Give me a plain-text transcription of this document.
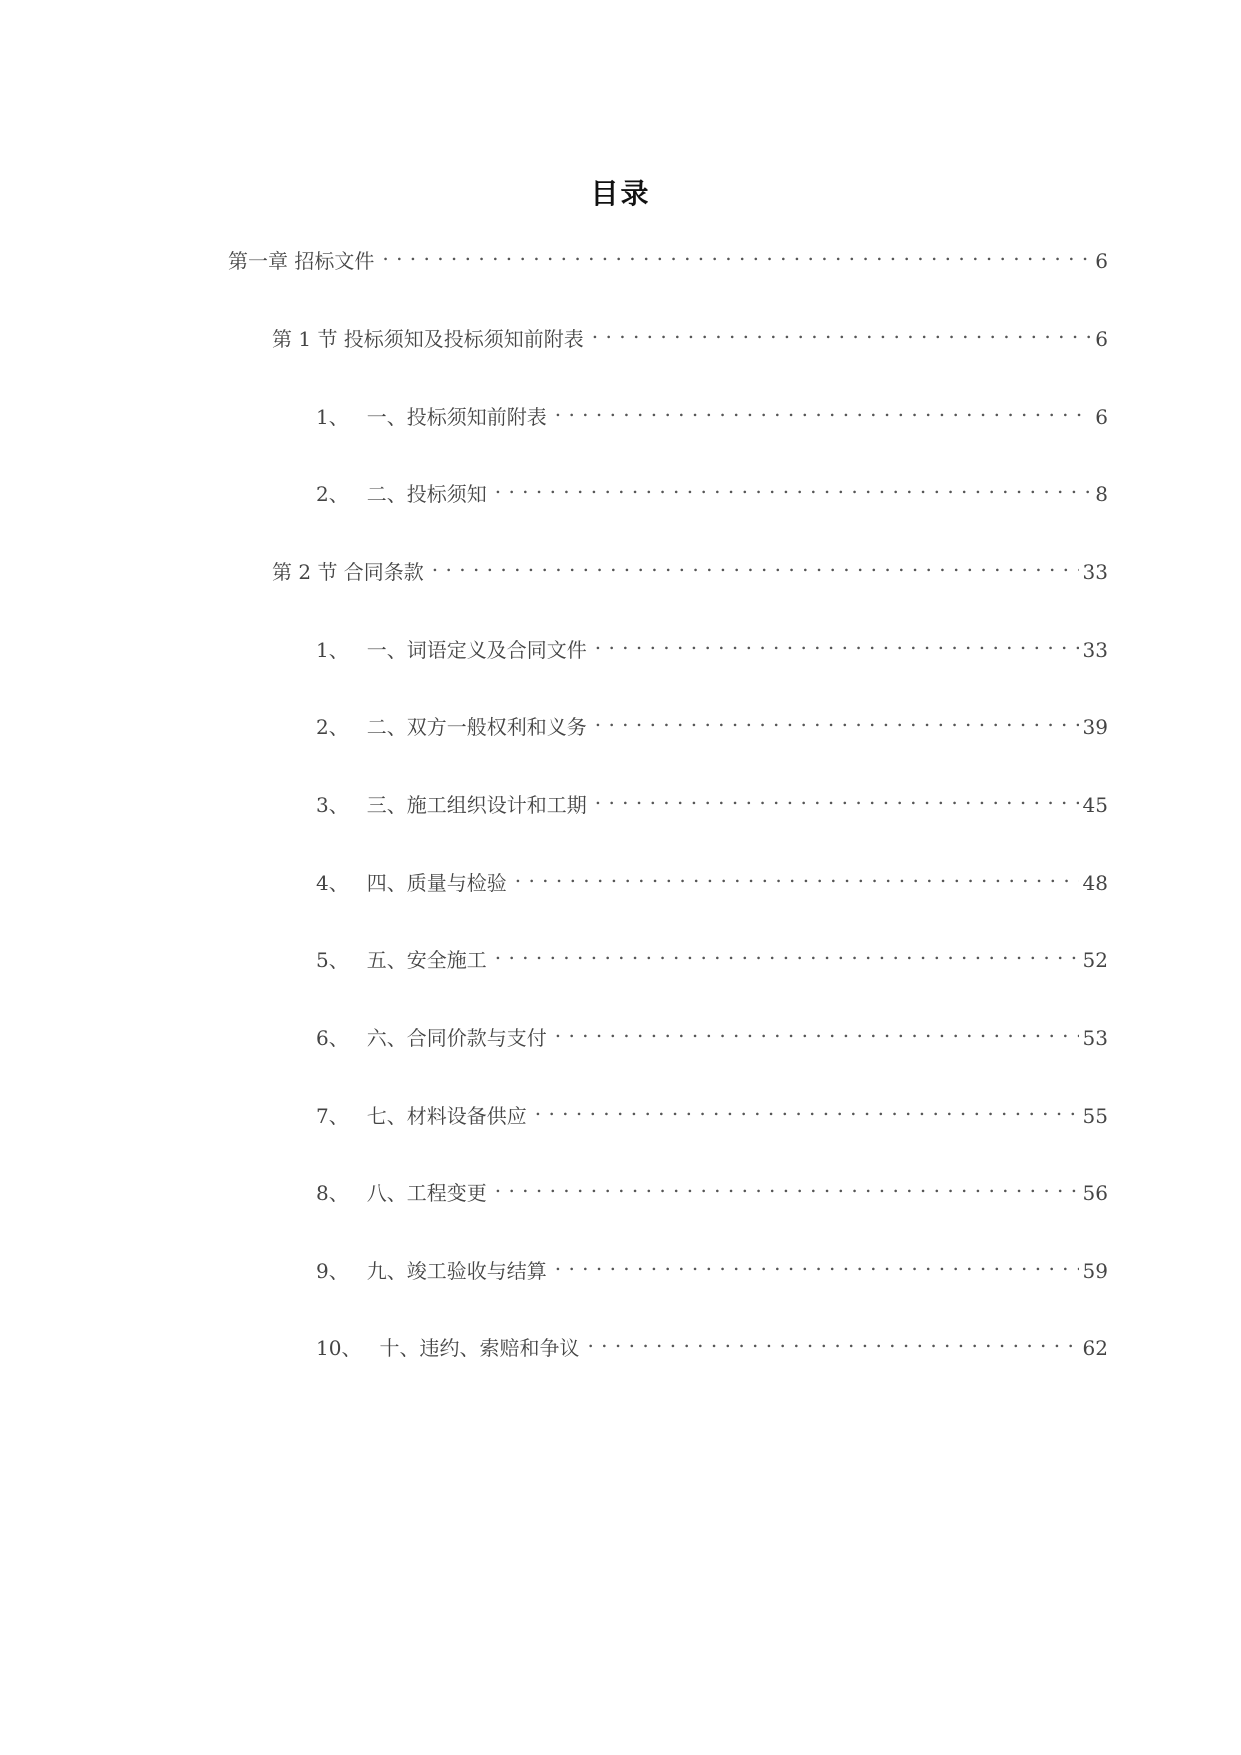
目录
第一章 招标文件 . . .	6
第 1 节 投标须知及投标须知前附表 . . .	6
1、 一、投标须知前附表 . . .	6
2、 二、投标须知 . . .	8
第 2 节 合同条款 . . .	33
1、 一、词语定义及合同文件 . . .	33
2、 二、双方一般权利和义务 . . .	39
3、 三、施工组织设计和工期 . . .	45
4、 四、质量与检验 . . .	48
5、 五、安全施工 . . .	52
6、 六、合同价款与支付 . . .	53
7、 七、材料设备供应 . . .	55
8、 八、工程变更 . . .	56
9、 九、竣工验收与结算 . . .	59
10、 十、违约、索赔和争议 . . .	62
